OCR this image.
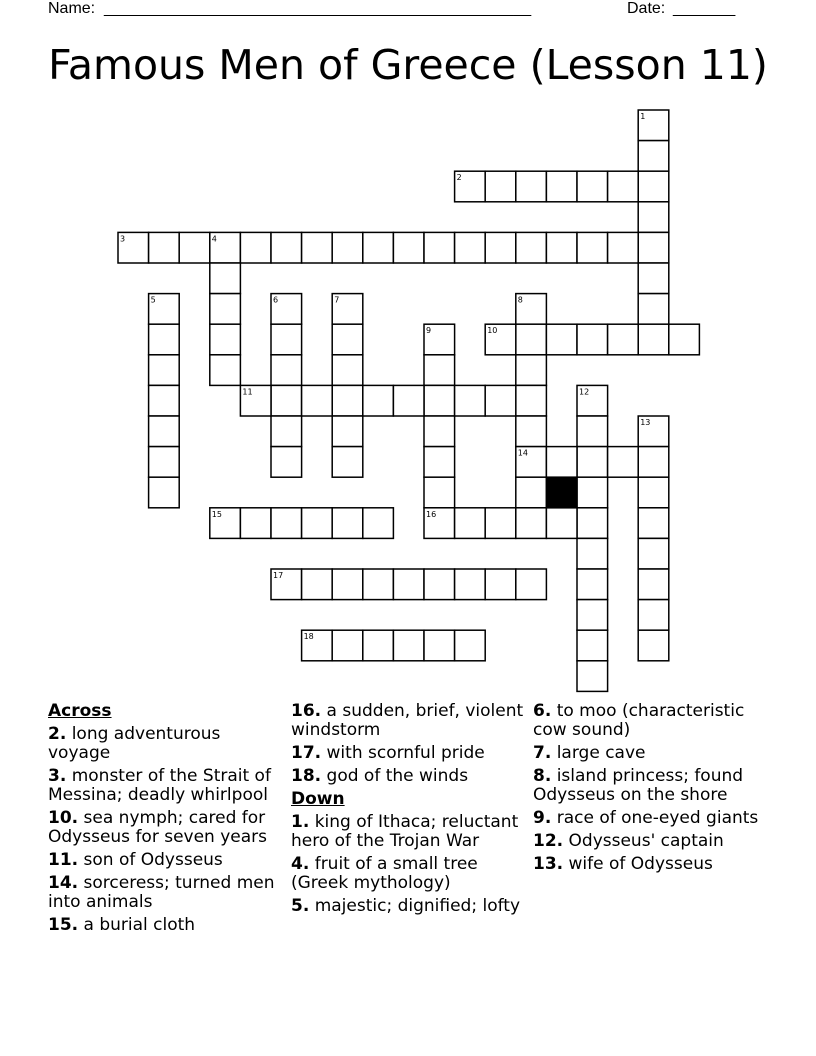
Name: ________________________________________________	Date: _______
Famous Men of Greece (Lesson 11)
1
2
3	4
5	6	7	8
9	10
11	12
13
14
15	16
17
18
Across
2. long adventurous voyage
3. monster of the Strait of Messina; deadly whirlpool
10. sea nymph; cared for Odysseus for seven years
11. son of Odysseus
14. sorceress; turned men into animals
15. a burial cloth
16. a sudden, brief, violent windstorm
17. with scornful pride
18. god of the winds
Down
1. king of Ithaca; reluctant hero of the Trojan War
4. fruit of a small tree (Greek mythology)
5. majestic; dignified; lofty
6. to moo (characteristic cow sound)
7. large cave
8. island princess; found Odysseus on the shore
9. race of one-eyed giants
12. Odysseus' captain
13. wife of Odysseus
